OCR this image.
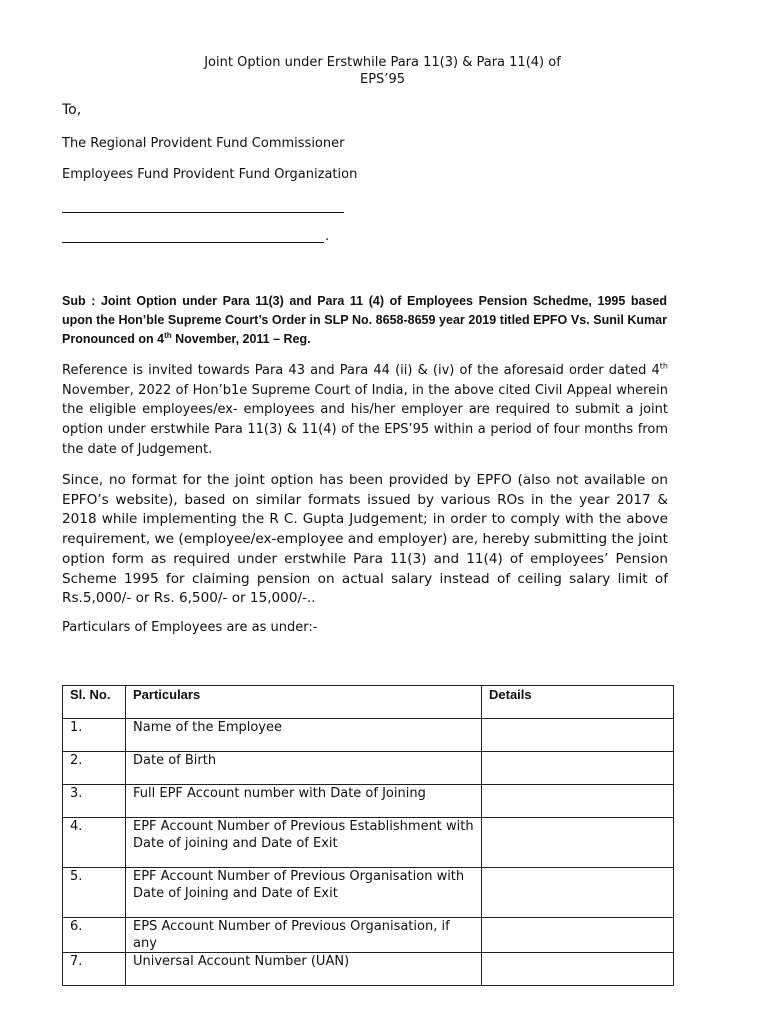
Joint Option under Erstwhile Para 11(3) & Para 11(4) of
EPS’95
To,
The Regional Provident Fund Commissioner
Employees Fund Provident Fund Organization
.
Sub : Joint Option under Para 11(3) and Para 11 (4) of Employees Pension Schedme, 1995 based upon the Hon’ble Supreme Court’s Order in SLP No. 8658-8659 year 2019 titled EPFO Vs. Sunil Kumar Pronounced on 4th November, 2011 – Reg.
Reference is invited towards Para 43 and Para 44 (ii) & (iv) of the aforesaid order dated 4th November, 2022 of Hon’b1e Supreme Court of India, in the above cited Civil Appeal wherein the eligible employees/ex- employees and his/her employer are required to submit a joint option under erstwhile Para 11(3) & 11(4) of the EPS’95 within a period of four months from the date of Judgement.
Since, no format for the joint option has been provided by EPFO (also not available on EPFO’s website), based on similar formats issued by various ROs in the year 2017 & 2018 while implementing the R C. Gupta Judgement; in order to comply with the above requirement, we (employee/ex-employee and employer) are, hereby submitting the joint option form as required under erstwhile Para 11(3) and 11(4) of employees’ Pension Scheme 1995 for claiming pension on actual salary instead of ceiling salary limit of Rs.5,000/- or Rs. 6,500/- or 15,000/-..
Particulars of Employees are as under:-
Sl. No.	Particulars	Details
1.	Name of the Employee	
2.	Date of Birth	
3.	Full EPF Account number with Date of Joining	
4.	EPF Account Number of Previous Establishment with Date of joining and Date of Exit	
5.	EPF Account Number of Previous Organisation with Date of Joining and Date of Exit	
6.	EPS Account Number of Previous Organisation, if any	
7.	Universal Account Number (UAN)	
